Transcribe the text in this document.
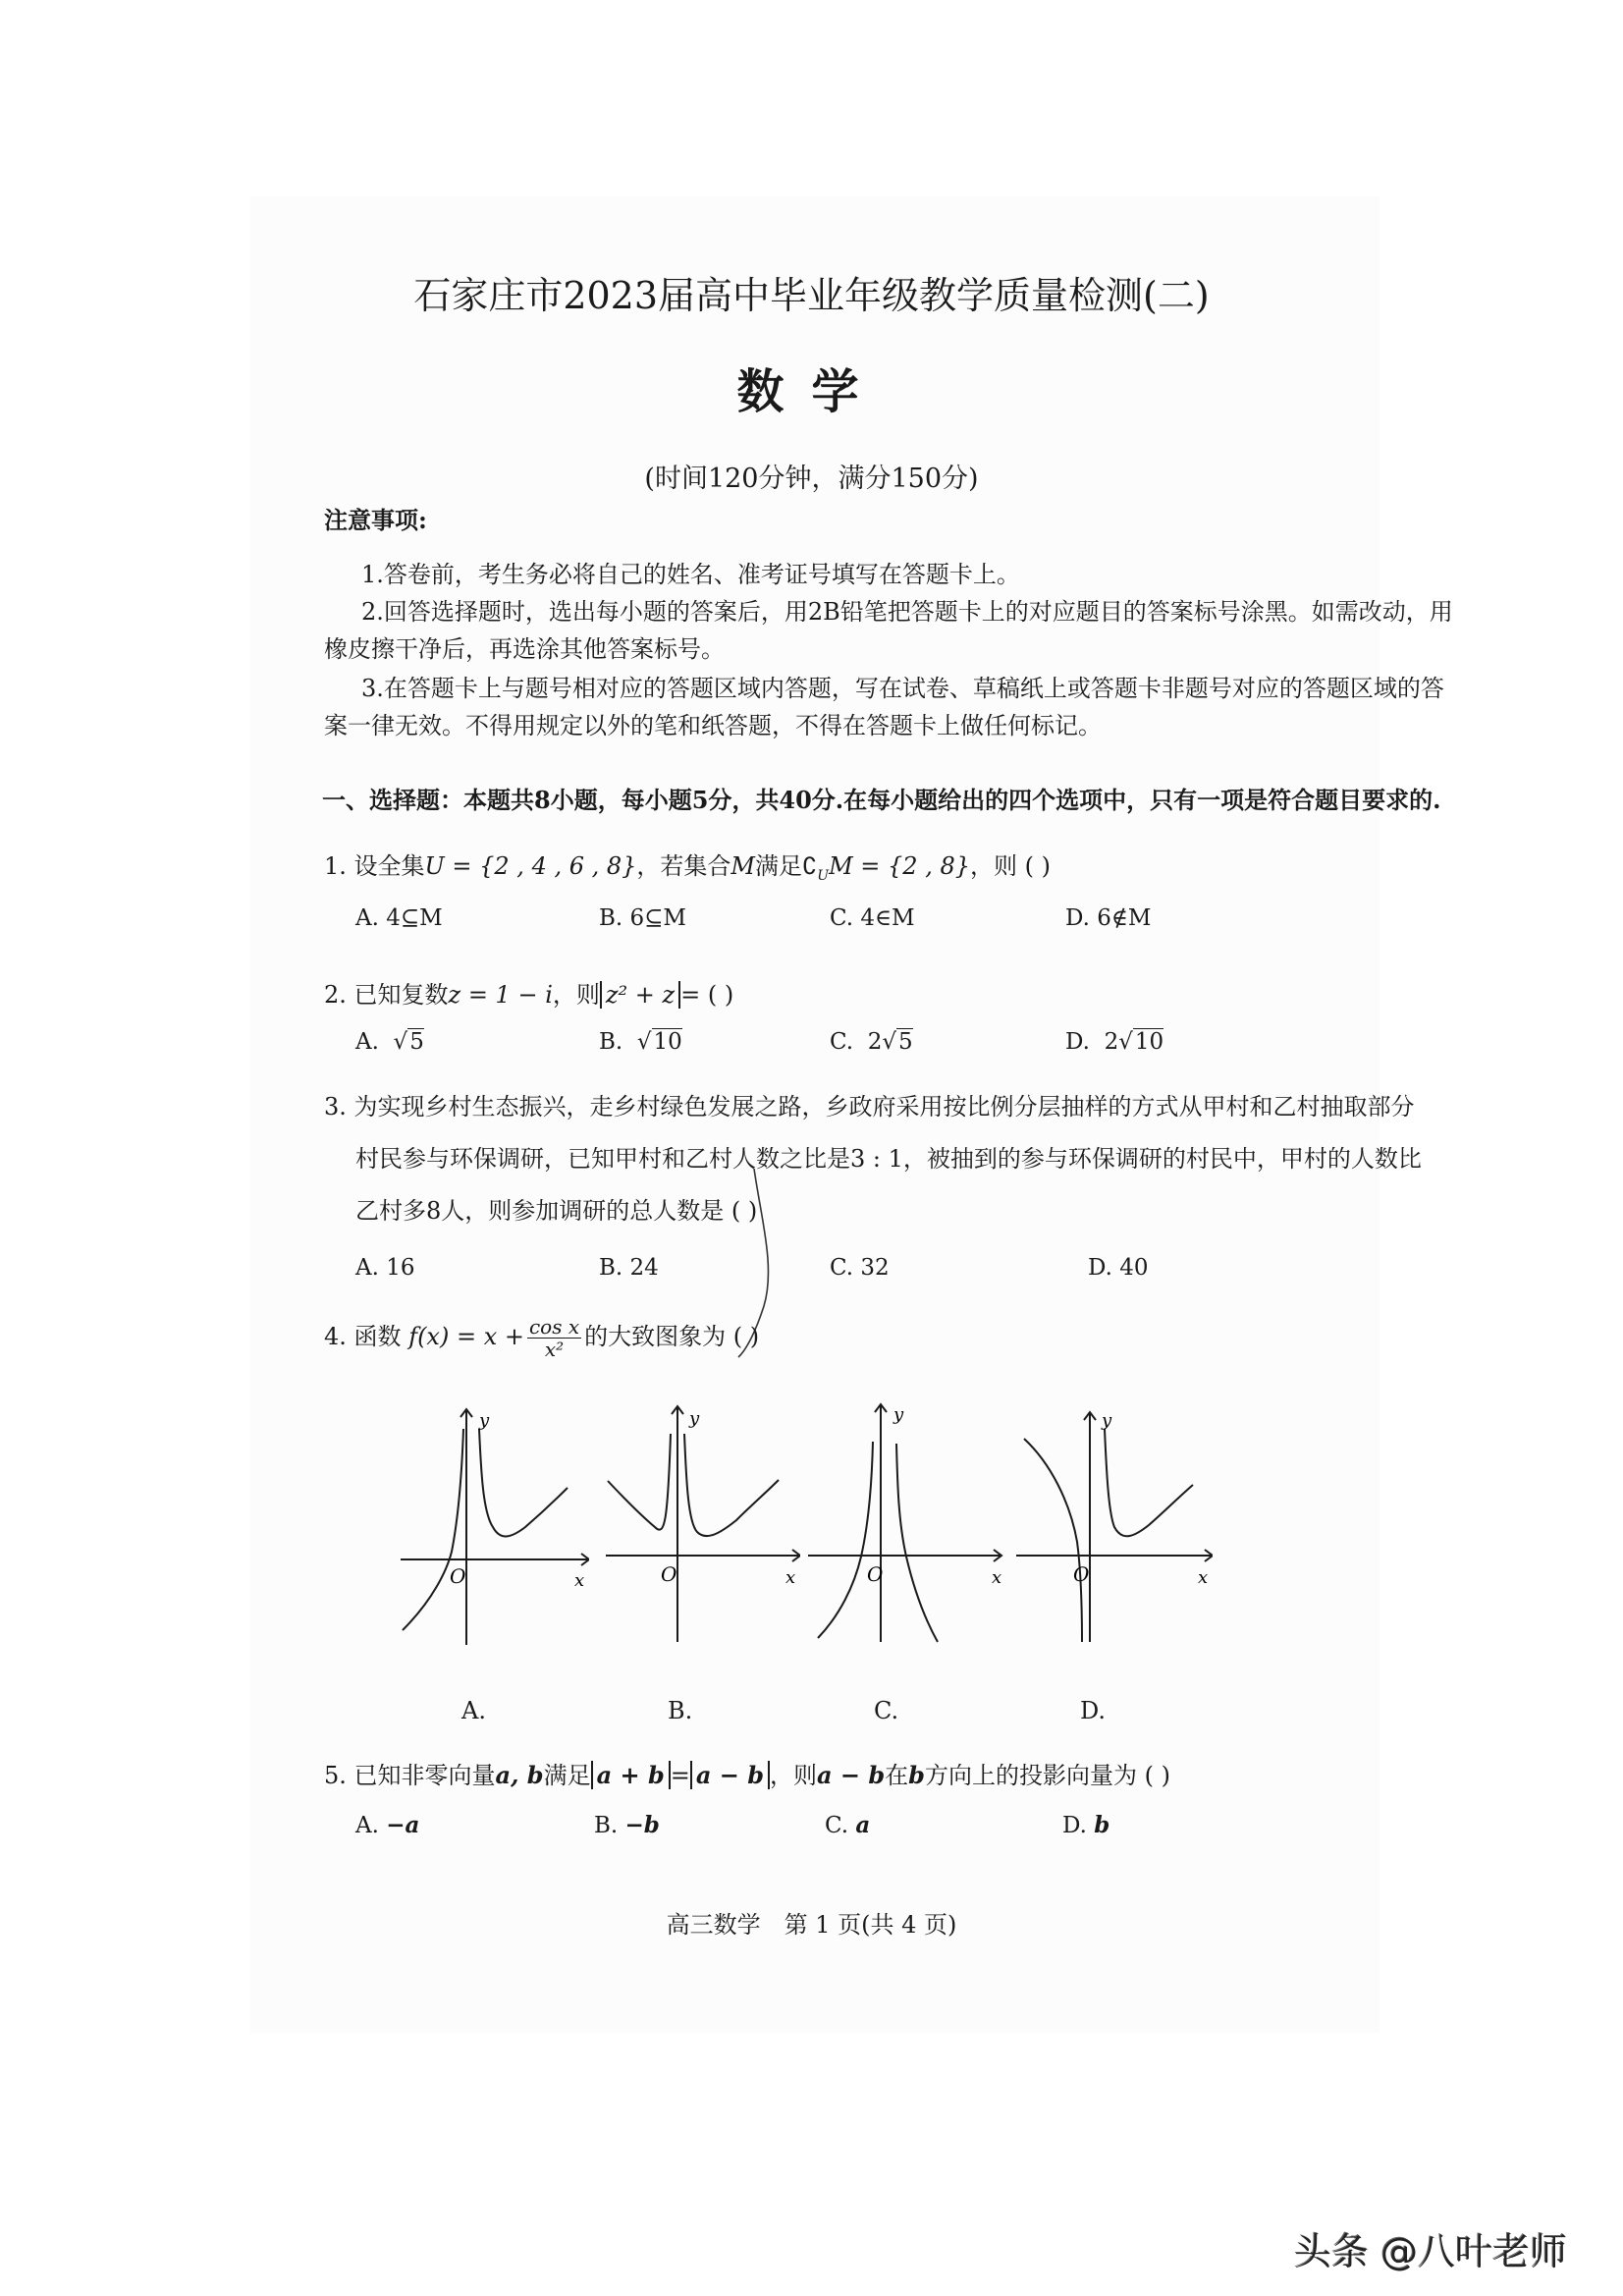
石家庄市2023届高中毕业年级教学质量检测(二)
数学
(时间120分钟，满分150分)
注意事项:
1.答卷前，考生务必将自己的姓名、准考证号填写在答题卡上。
2.回答选择题时，选出每小题的答案后，用2B铅笔把答题卡上的对应题目的答案标号涂黑。如需改动，用
橡皮擦干净后，再选涂其他答案标号。
3.在答题卡上与题号相对应的答题区域内答题，写在试卷、草稿纸上或答题卡非题号对应的答题区域的答
案一律无效。不得用规定以外的笔和纸答题，不得在答题卡上做任何标记。
一、选择题：本题共8小题，每小题5分，共40分.在每小题给出的四个选项中，只有一项是符合题目要求的.
1. 设全集U = {2 , 4 , 6 , 8}，若集合M满足$∁_UM = \{2$ , 8}，则 ( )
A. 4⊆M	B. 6⊆M	C. 4∈M	D. 6∉M
2. 已知复数z = 1 − i，则 z² + z = ( )
A.  √5	B.  √10	C. 2√5	D. 2√10
3. 为实现乡村生态振兴，走乡村绿色发展之路，乡政府采用按比例分层抽样的方式从甲村和乙村抽取部分
村民参与环保调研，已知甲村和乙村人数之比是3 : 1，被抽到的参与环保调研的村民中，甲村的人数比
乙村多8人，则参加调研的总人数是 ( )
A. 16	B. 24	C. 32	D. 40
4. 函数 $f(x) = x + \frac{\text{cos x}}{\text{x²}}$ 的大致图象为 ( )
y
O	x
y
O	x
y
O	x
y
O	x
A.	B.	C.	D.
5. 已知非零向量a, b满足 a + b = a − b ，则a − b在b方向上的投影向量为 ( )
A. −a	B. −b	C. a	D. b
高三数学　第 1 页(共 4 页)
头条 @八叶老师
